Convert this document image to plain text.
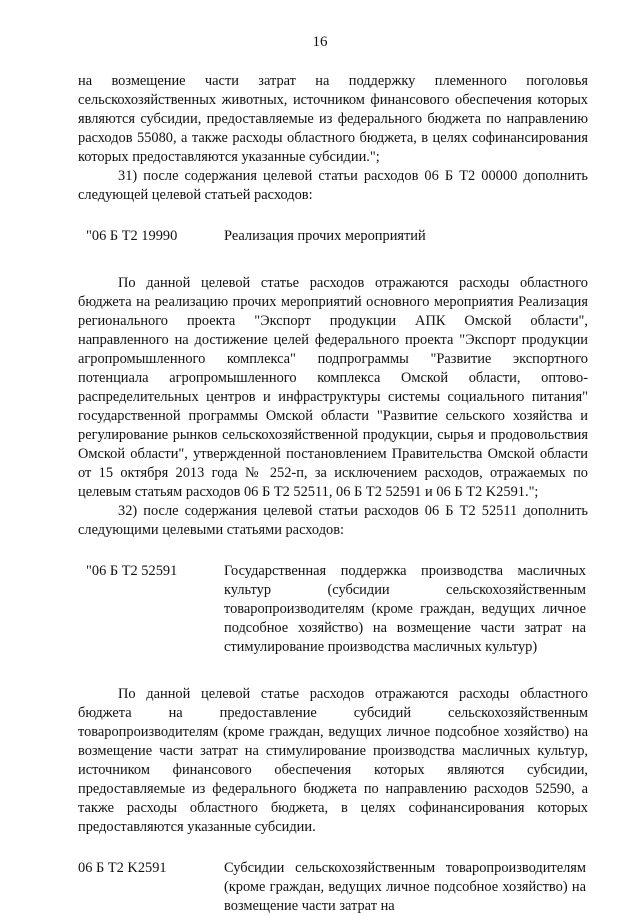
16

на возмещение части затрат на поддержку племенного поголовья сельскохозяйственных животных, источником финансового обеспечения которых являются субсидии, предоставляемые из федерального бюджета по направлению расходов 55080, а также расходы областного бюджета, в целях софинансирования которых предоставляются указанные субсидии.";

31) после содержания целевой статьи расходов 06 Б Т2 00000 дополнить следующей целевой статьей расходов:

"06 Б Т2 19990	Реализация прочих мероприятий

По данной целевой статье расходов отражаются расходы областного бюджета на реализацию прочих мероприятий основного мероприятия Реализация регионального проекта "Экспорт продукции АПК Омской области", направленного на достижение целей федерального проекта "Экспорт продукции агропромышленного комплекса" подпрограммы "Развитие экспортного потенциала агропромышленного комплекса Омской области, оптово-распределительных центров и инфраструктуры системы социального питания" государственной программы Омской области "Развитие сельского хозяйства и регулирование рынков сельскохозяйственной продукции, сырья и продовольствия Омской области", утвержденной постановлением Правительства Омской области от 15 октября 2013 года № 252-п, за исключением расходов, отражаемых по целевым статьям расходов 06 Б Т2 52511, 06 Б Т2 52591 и 06 Б Т2 K2591.";

32) после содержания целевой статьи расходов 06 Б Т2 52511 дополнить следующими целевыми статьями расходов:

"06 Б Т2 52591	Государственная поддержка производства масличных культур (субсидии сельскохозяйственным товаропроизводителям (кроме граждан, ведущих личное подсобное хозяйство) на возмещение части затрат на стимулирование производства масличных культур)

По данной целевой статье расходов отражаются расходы областного бюджета на предоставление субсидий сельскохозяйственным товаропроизводителям (кроме граждан, ведущих личное подсобное хозяйство) на возмещение части затрат на стимулирование производства масличных культур, источником финансового обеспечения которых являются субсидии, предоставляемые из федерального бюджета по направлению расходов 52590, а также расходы областного бюджета, в целях софинансирования которых предоставляются указанные субсидии.

06 Б Т2 K2591	Субсидии сельскохозяйственным товаропроизводителям (кроме граждан, ведущих личное подсобное хозяйство) на возмещение части затрат на
